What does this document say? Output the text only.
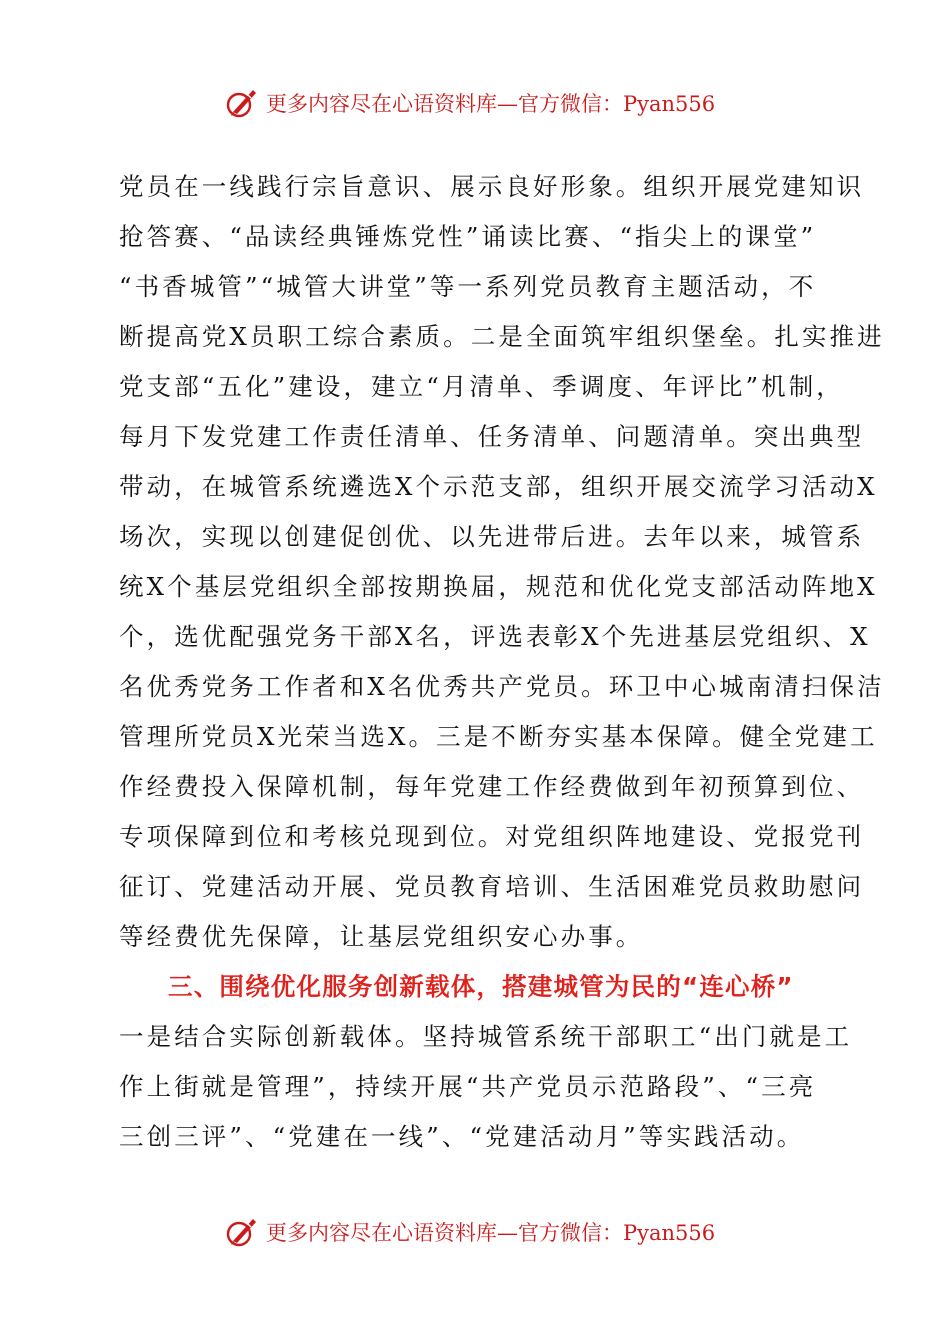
更多内容尽在心语资料库—官方微信：Pyan556
党员在一线践行宗旨意识、展示良好形象。组织开展党建知识
抢答赛、“品读经典锤炼党性”诵读比赛、“指尖上的课堂”
“书香城管”“城管大讲堂”等一系列党员教育主题活动，不
断提高党X员职工综合素质。二是全面筑牢组织堡垒。扎实推进
党支部“五化”建设，建立“月清单、季调度、年评比”机制，
每月下发党建工作责任清单、任务清单、问题清单。突出典型
带动，在城管系统遴选X个示范支部，组织开展交流学习活动X
场次，实现以创建促创优、以先进带后进。去年以来，城管系
统X个基层党组织全部按期换届，规范和优化党支部活动阵地X
个，选优配强党务干部X名，评选表彰X个先进基层党组织、X
名优秀党务工作者和X名优秀共产党员。环卫中心城南清扫保洁
管理所党员X光荣当选X。三是不断夯实基本保障。健全党建工
作经费投入保障机制，每年党建工作经费做到年初预算到位、
专项保障到位和考核兑现到位。对党组织阵地建设、党报党刊
征订、党建活动开展、党员教育培训、生活困难党员救助慰问
等经费优先保障，让基层党组织安心办事。
三、围绕优化服务创新载体，搭建城管为民的“连心桥”
一是结合实际创新载体。坚持城管系统干部职工“出门就是工
作上街就是管理”，持续开展“共产党员示范路段”、“三亮
三创三评”、“党建在一线”、“党建活动月”等实践活动。
更多内容尽在心语资料库—官方微信：Pyan556
